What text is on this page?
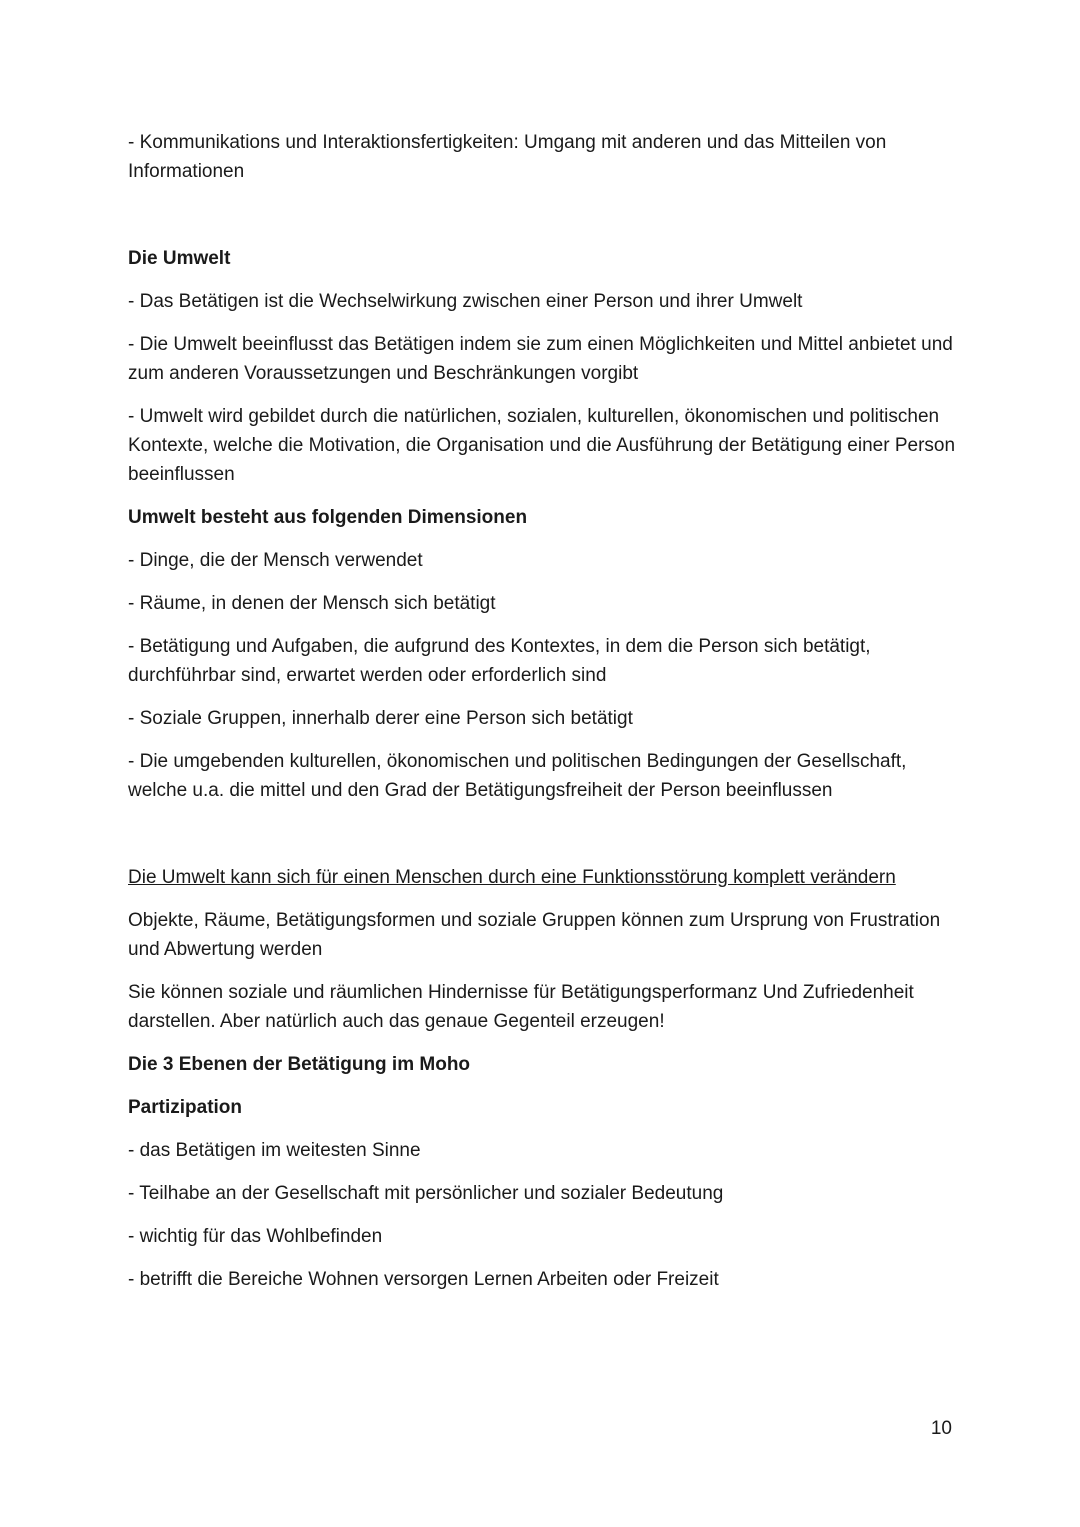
- Kommunikations und Interaktionsfertigkeiten: Umgang mit anderen und das Mitteilen von Informationen

Die Umwelt

- Das Betätigen ist die Wechselwirkung zwischen einer Person und ihrer Umwelt

- Die Umwelt beeinflusst das Betätigen indem sie zum einen Möglichkeiten und Mittel anbietet und zum anderen Voraussetzungen und Beschränkungen vorgibt

- Umwelt wird gebildet durch die natürlichen, sozialen, kulturellen, ökonomischen und politischen Kontexte, welche die Motivation, die Organisation und die Ausführung der Betätigung einer Person beeinflussen

Umwelt besteht aus folgenden Dimensionen

- Dinge, die der Mensch verwendet

- Räume, in denen der Mensch sich betätigt

- Betätigung und Aufgaben, die aufgrund des Kontextes, in dem die Person sich betätigt, durchführbar sind, erwartet werden oder erforderlich sind

- Soziale Gruppen, innerhalb derer eine Person sich betätigt

- Die umgebenden kulturellen, ökonomischen und politischen Bedingungen der Gesellschaft, welche u.a. die mittel und den Grad der Betätigungsfreiheit der Person beeinflussen

Die Umwelt kann sich für einen Menschen durch eine Funktionsstörung komplett verändern

Objekte, Räume, Betätigungsformen und soziale Gruppen können zum Ursprung von Frustration und Abwertung werden

Sie können soziale und räumlichen Hindernisse für Betätigungsperformanz Und Zufriedenheit darstellen. Aber natürlich auch das genaue Gegenteil erzeugen!

Die 3 Ebenen der Betätigung im Moho

Partizipation

- das Betätigen im weitesten Sinne

- Teilhabe an der Gesellschaft mit persönlicher und sozialer Bedeutung

- wichtig für das Wohlbefinden

- betrifft die Bereiche Wohnen versorgen Lernen Arbeiten oder Freizeit

10
